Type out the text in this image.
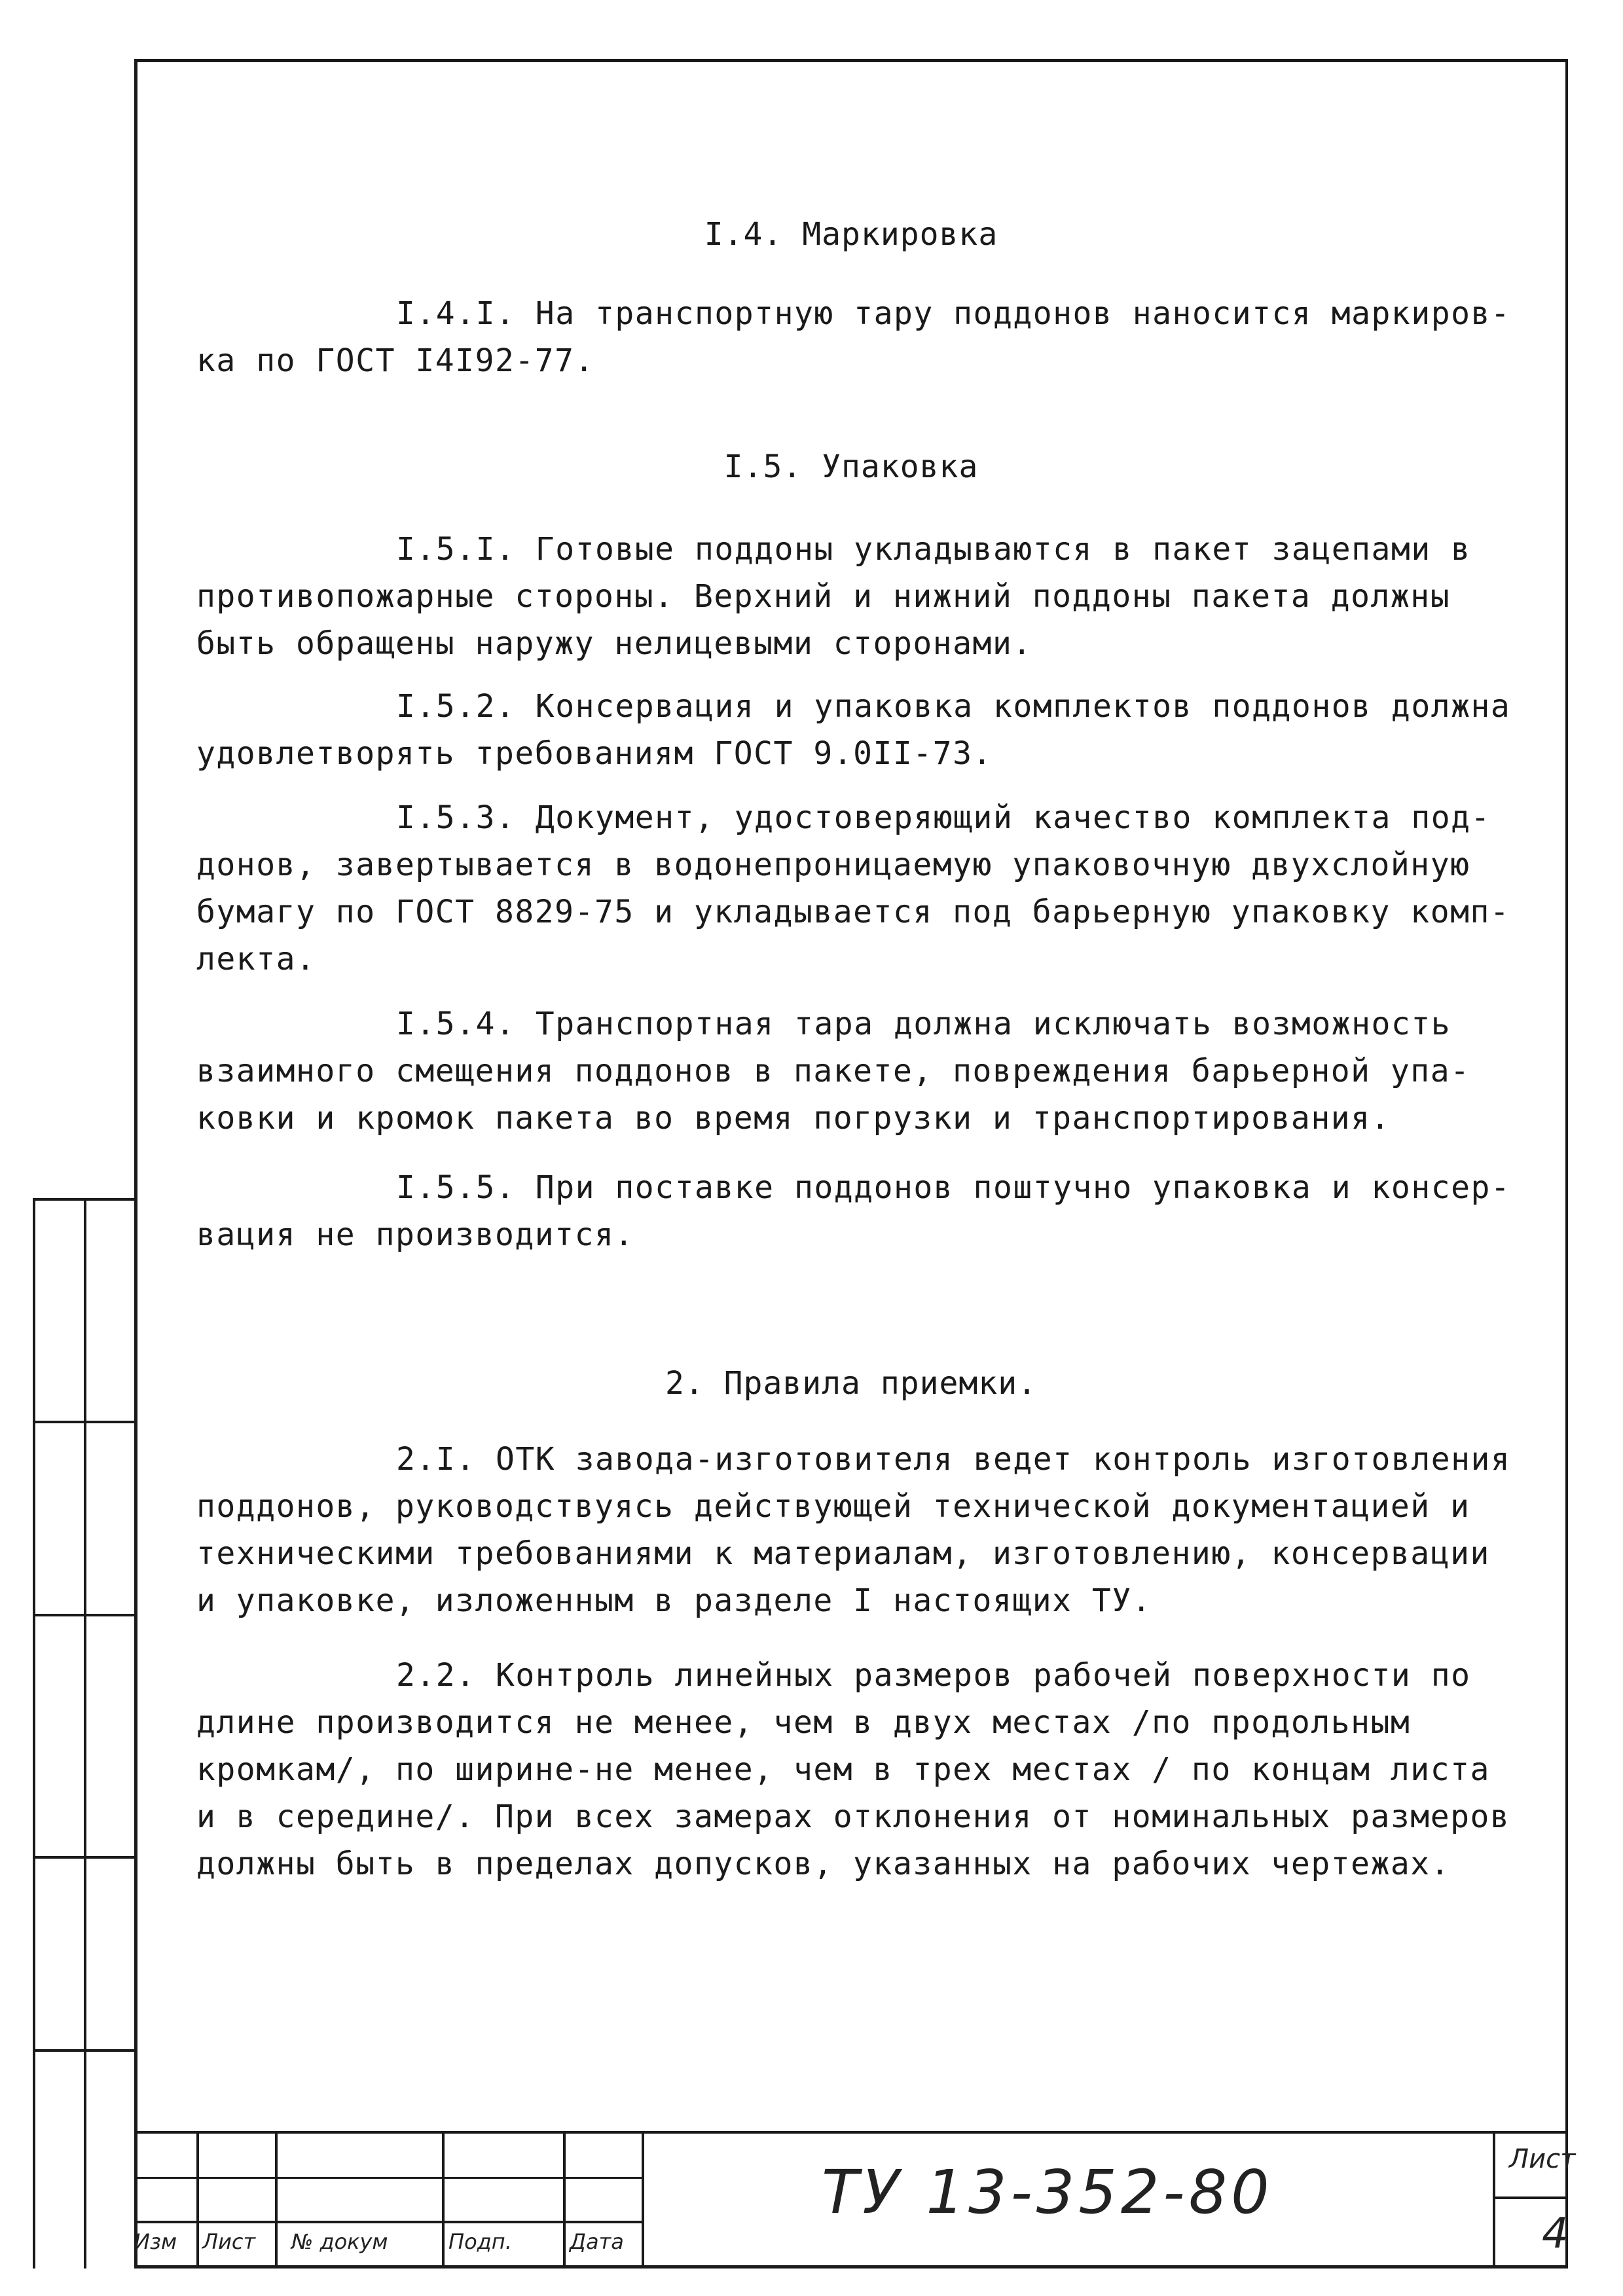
I.4. Маркировка
I.4.I. На транспортную тару поддонов наносится маркиров-
ка по ГОСТ I4I92-77.
I.5. Упаковка
I.5.I. Готовые поддоны укладываются в пакет зацепами в
противопожарные стороны. Верхний и нижний поддоны пакета должны
быть обращены наружу нелицевыми сторонами.
I.5.2. Консервация и упаковка комплектов поддонов должна
удовлетворять требованиям ГОСТ 9.0II-73.
I.5.3. Документ, удостоверяющий качество комплекта под-
донов, завертывается в водонепроницаемую упаковочную двухслойную
бумагу по ГОСТ 8829-75 и укладывается под барьерную упаковку комп-
лекта.
I.5.4. Транспортная тара должна исключать возможность
взаимного смещения поддонов в пакете, повреждения барьерной упа-
ковки и кромок пакета во время погрузки и транспортирования.
I.5.5. При поставке поддонов поштучно упаковка и консер-
вация не производится.
2. Правила приемки.
2.I. ОТК завода-изготовителя ведет контроль изготовления
поддонов, руководствуясь действующей технической документацией и
техническими требованиями к материалам, изготовлению, консервации
и упаковке, изложенным в разделе I настоящих ТУ.
2.2. Контроль линейных размеров рабочей поверхности по
длине производится не менее, чем в двух местах /по продольным
кромкам/, по ширине-не менее, чем в трех местах / по концам листа
и в середине/. При всех замерах отклонения от номинальных размеров
должны быть в пределах допусков, указанных на рабочих чертежах.
Изм Лист № докум	Подп.	Дата
ТУ 13-352-80	Лист
4
